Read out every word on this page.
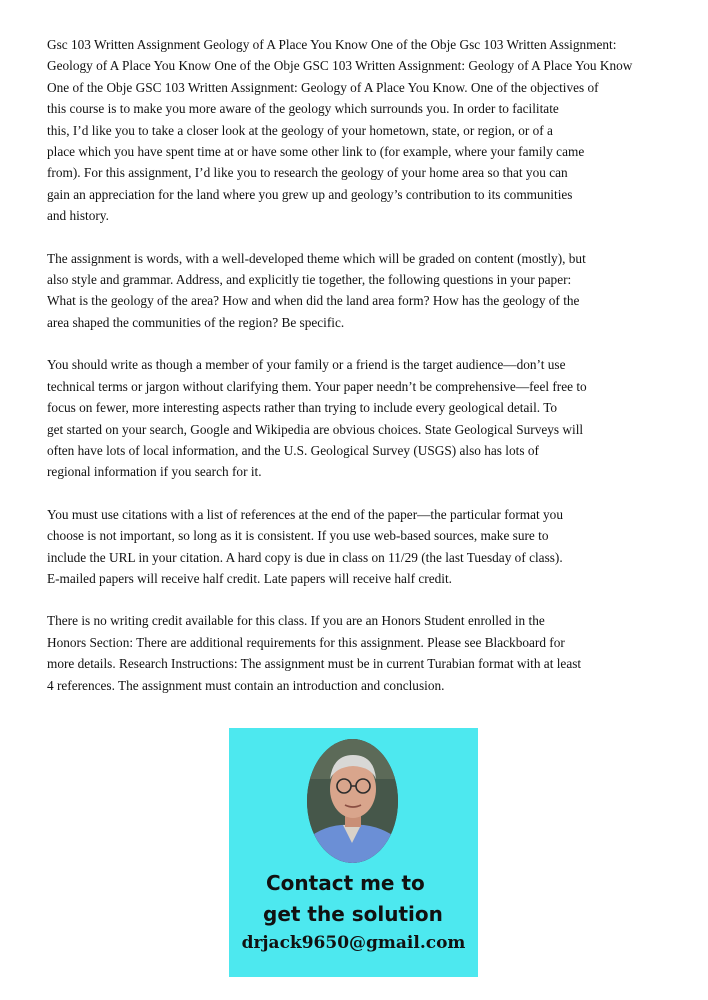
Gsc 103 Written Assignment Geology of A Place You Know One of the Obje Gsc 103 Written Assignment:
Geology of A Place You Know One of the Obje GSC 103 Written Assignment: Geology of A Place You Know
One of the Obje GSC 103 Written Assignment: Geology of A Place You Know. One of the objectives of
this course is to make you more aware of the geology which surrounds you. In order to facilitate
this, I’d like you to take a closer look at the geology of your hometown, state, or region, or of a
place which you have spent time at or have some other link to (for example, where your family came
from). For this assignment, I’d like you to research the geology of your home area so that you can
gain an appreciation for the land where you grew up and geology’s contribution to its communities
and history.

The assignment is words, with a well-developed theme which will be graded on content (mostly), but
also style and grammar. Address, and explicitly tie together, the following questions in your paper:
What is the geology of the area? How and when did the land area form? How has the geology of the
area shaped the communities of the region? Be specific.

You should write as though a member of your family or a friend is the target audience—don’t use
technical terms or jargon without clarifying them. Your paper needn’t be comprehensive—feel free to
focus on fewer, more interesting aspects rather than trying to include every geological detail. To
get started on your search, Google and Wikipedia are obvious choices. State Geological Surveys will
often have lots of local information, and the U.S. Geological Survey (USGS) also has lots of
regional information if you search for it.

You must use citations with a list of references at the end of the paper—the particular format you
choose is not important, so long as it is consistent. If you use web-based sources, make sure to
include the URL in your citation. A hard copy is due in class on 11/29 (the last Tuesday of class).
E-mailed papers will receive half credit. Late papers will receive half credit.

There is no writing credit available for this class. If you are an Honors Student enrolled in the
Honors Section: There are additional requirements for this assignment. Please see Blackboard for
more details. Research Instructions: The assignment must be in current Turabian format with at least
4 references. The assignment must contain an introduction and conclusion.

Contact me to
get the solution
drjack9650@gmail.com
